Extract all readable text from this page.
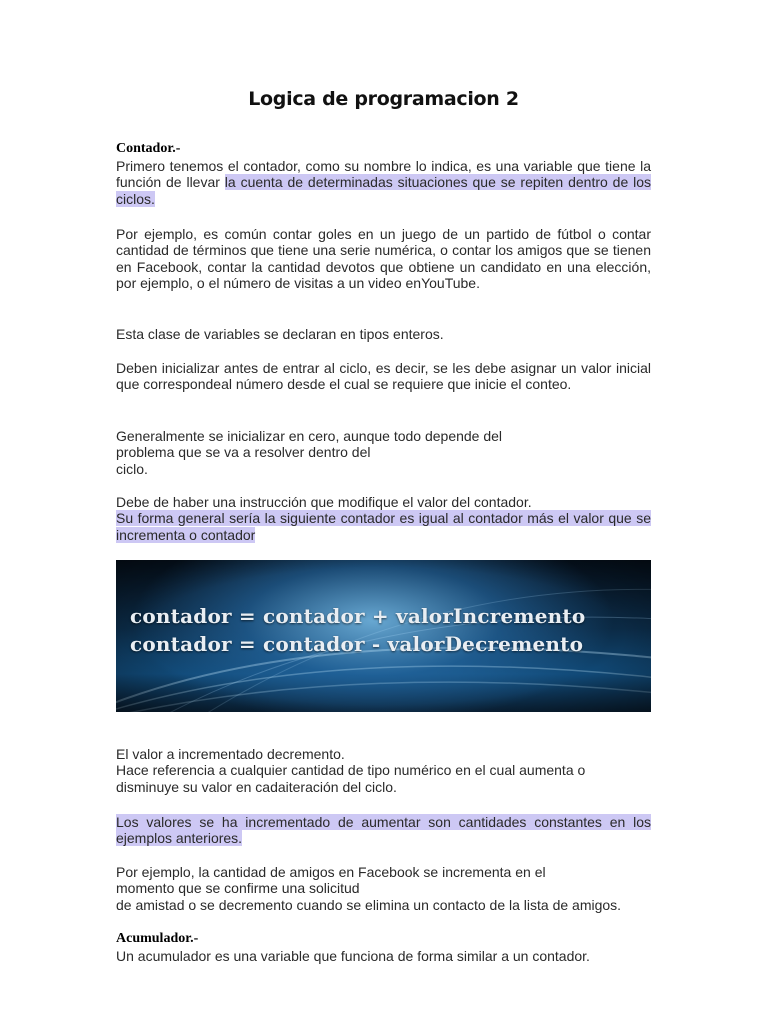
Logica de programacion 2
Contador.-
Primero tenemos el contador, como su nombre lo indica, es una variable que tiene la función de llevar la cuenta de determinadas situaciones que se repiten dentro de los ciclos.
Por ejemplo, es común contar goles en un juego de un partido de fútbol o contar cantidad de términos que tiene una serie numérica, o contar los amigos que se tienen en Facebook, contar la cantidad devotos que obtiene un candidato en una elección, por ejemplo, o el número de visitas a un video enYouTube.
Esta clase de variables se declaran en tipos enteros.
Deben inicializar antes de entrar al ciclo, es decir, se les debe asignar un valor inicial que correspondeal número desde el cual se requiere que inicie el conteo.
Generalmente se inicializar en cero, aunque todo depende del problema que se va a resolver dentro del
ciclo.
Debe de haber una instrucción que modifique el valor del contador.
Su forma general sería la siguiente contador es igual al contador más el valor que se incrementa o contador
contador = contador + valorIncremento
contador = contador - valorDecremento
El valor a incrementado decremento.
Hace referencia a cualquier cantidad de tipo numérico en el cual aumenta o disminuye su valor en cadaiteración del ciclo.
Los valores se ha incrementado de aumentar son cantidades constantes en los ejemplos anteriores.
Por ejemplo, la cantidad de amigos en Facebook se incrementa en el momento que se confirme una solicitud
de amistad o se decremento cuando se elimina un contacto de la lista de amigos.
Acumulador.-
Un acumulador es una variable que funciona de forma similar a un contador.
